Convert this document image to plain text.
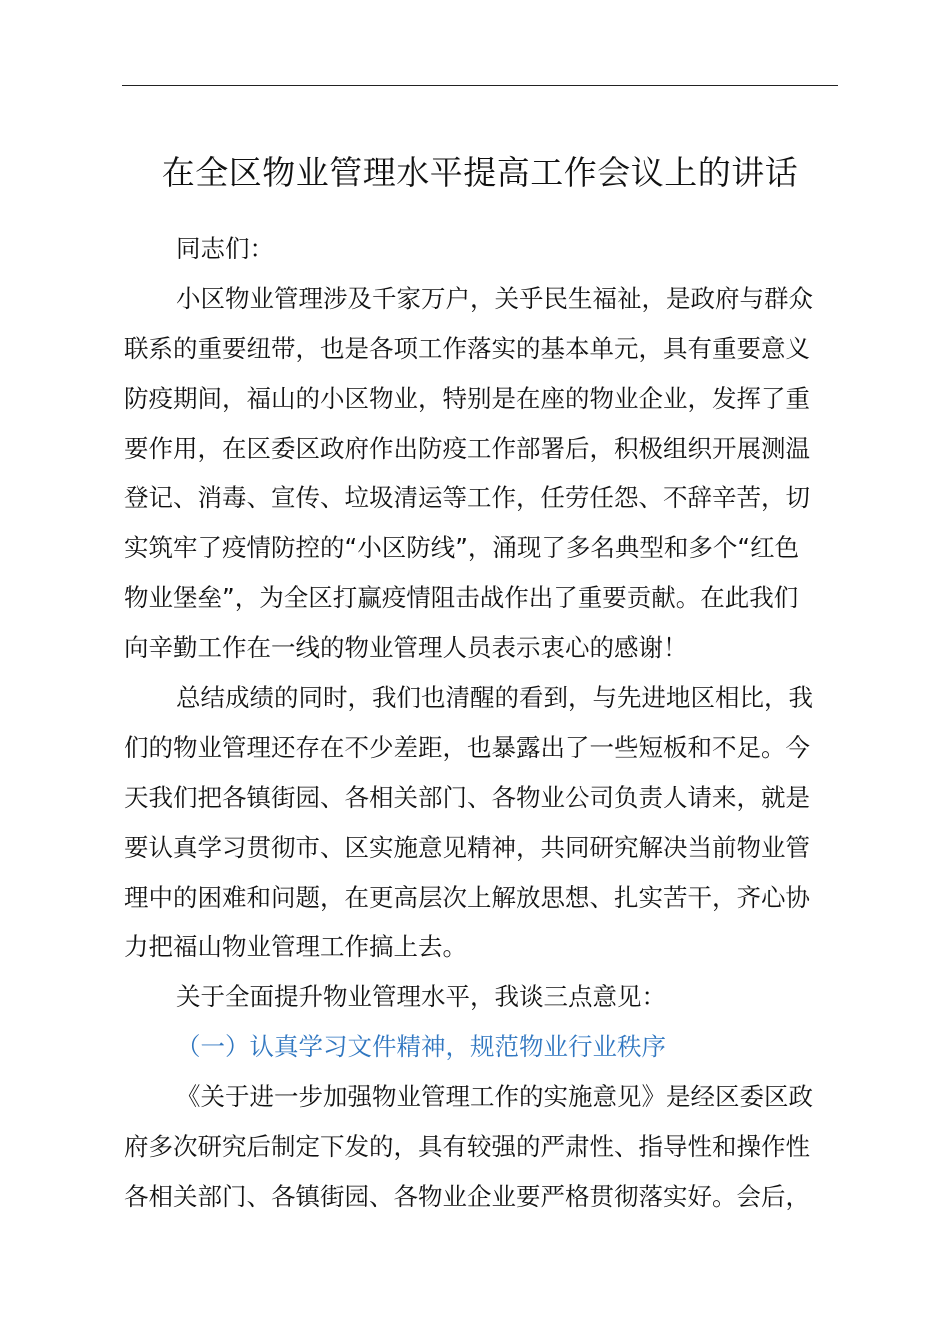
在全区物业管理水平提高工作会议上的讲话
同志们：
小区物业管理涉及千家万户，关乎民生福祉，是政府与群众
联系的重要纽带，也是各项工作落实的基本单元，具有重要意义
防疫期间，福山的小区物业，特别是在座的物业企业，发挥了重
要作用，在区委区政府作出防疫工作部署后，积极组织开展测温
登记、消毒、宣传、垃圾清运等工作，任劳任怨、不辞辛苦，切
实筑牢了疫情防控的“小区防线”，涌现了多名典型和多个“红色
物业堡垒”，为全区打赢疫情阻击战作出了重要贡献。在此我们
向辛勤工作在一线的物业管理人员表示衷心的感谢！
总结成绩的同时，我们也清醒的看到，与先进地区相比，我
们的物业管理还存在不少差距，也暴露出了一些短板和不足。今
天我们把各镇街园、各相关部门、各物业公司负责人请来，就是
要认真学习贯彻市、区实施意见精神，共同研究解决当前物业管
理中的困难和问题，在更高层次上解放思想、扎实苦干，齐心协
力把福山物业管理工作搞上去。
关于全面提升物业管理水平，我谈三点意见：
（一）认真学习文件精神，规范物业行业秩序
《关于进一步加强物业管理工作的实施意见》是经区委区政
府多次研究后制定下发的，具有较强的严肃性、指导性和操作性
各相关部门、各镇街园、各物业企业要严格贯彻落实好。会后，
